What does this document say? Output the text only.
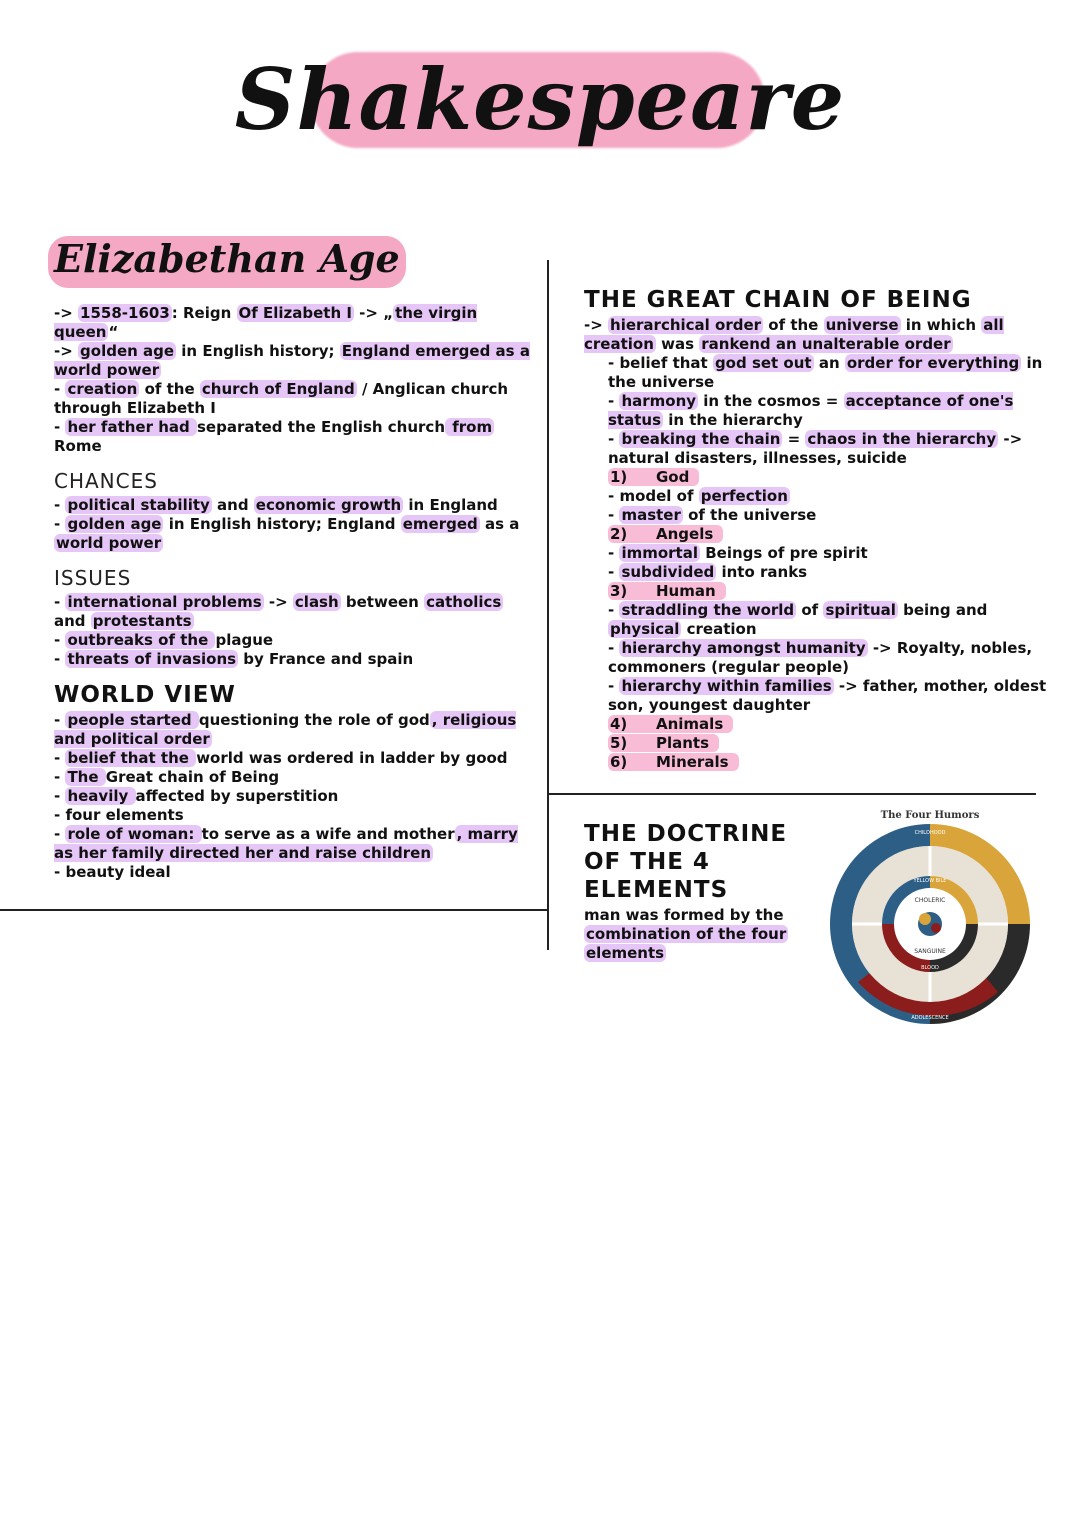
Shakespeare
Elizabethan Age
-> 1558-1603 : Reign Of Elizabeth I -> „ the virgin queen “
-> golden age in English history; England emerged as a world power
- creation of the church of England / Anglican church through Elizabeth I
- her father had separated the English church from Rome
CHANCES
- political stability and economic growth in England
- golden age in English history; England emerged as a world power
ISSUES
- international problems -> clash between catholics and protestants
- outbreaks of the plague
- threats of invasions by France and spain
WORLD VIEW
- people started questioning the role of god , religious and political order
- belief that the world was ordered in ladder by good
- The Great chain of Being
- heavily affected by superstition
- four elements
- role of woman: to serve as a wife and mother , marry as her family directed her and raise children
- beauty ideal
THE GREAT CHAIN OF BEING
-> hierarchical order of the universe in which all creation was rankend an unalterable order
- belief that god set out an order for everything in the universe
- harmony in the cosmos = acceptance of one's status in the hierarchy
- breaking the chain = chaos in the hierarchy -> natural disasters, illnesses, suicide
1) God
- model of perfection
- master of the universe
2) Angels
- immortal Beings of pre spirit
- subdivided into ranks
3) Human
- straddling the world of spiritual being and physical creation
- hierarchy amongst humanity -> Royalty, nobles, commoners (regular people)
- hierarchy within families -> father, mother, oldest son, youngest daughter
4) Animals
5) Plants
6) Minerals
THE DOCTRINE OF THE 4

ELEMENTS
man was formed by the
combination of the four
elements
The Four Humors
CHOLERIC
SANGUINE
YELLOW BILE
BLOOD
CHILDHOOD
ADOLESCENCE
